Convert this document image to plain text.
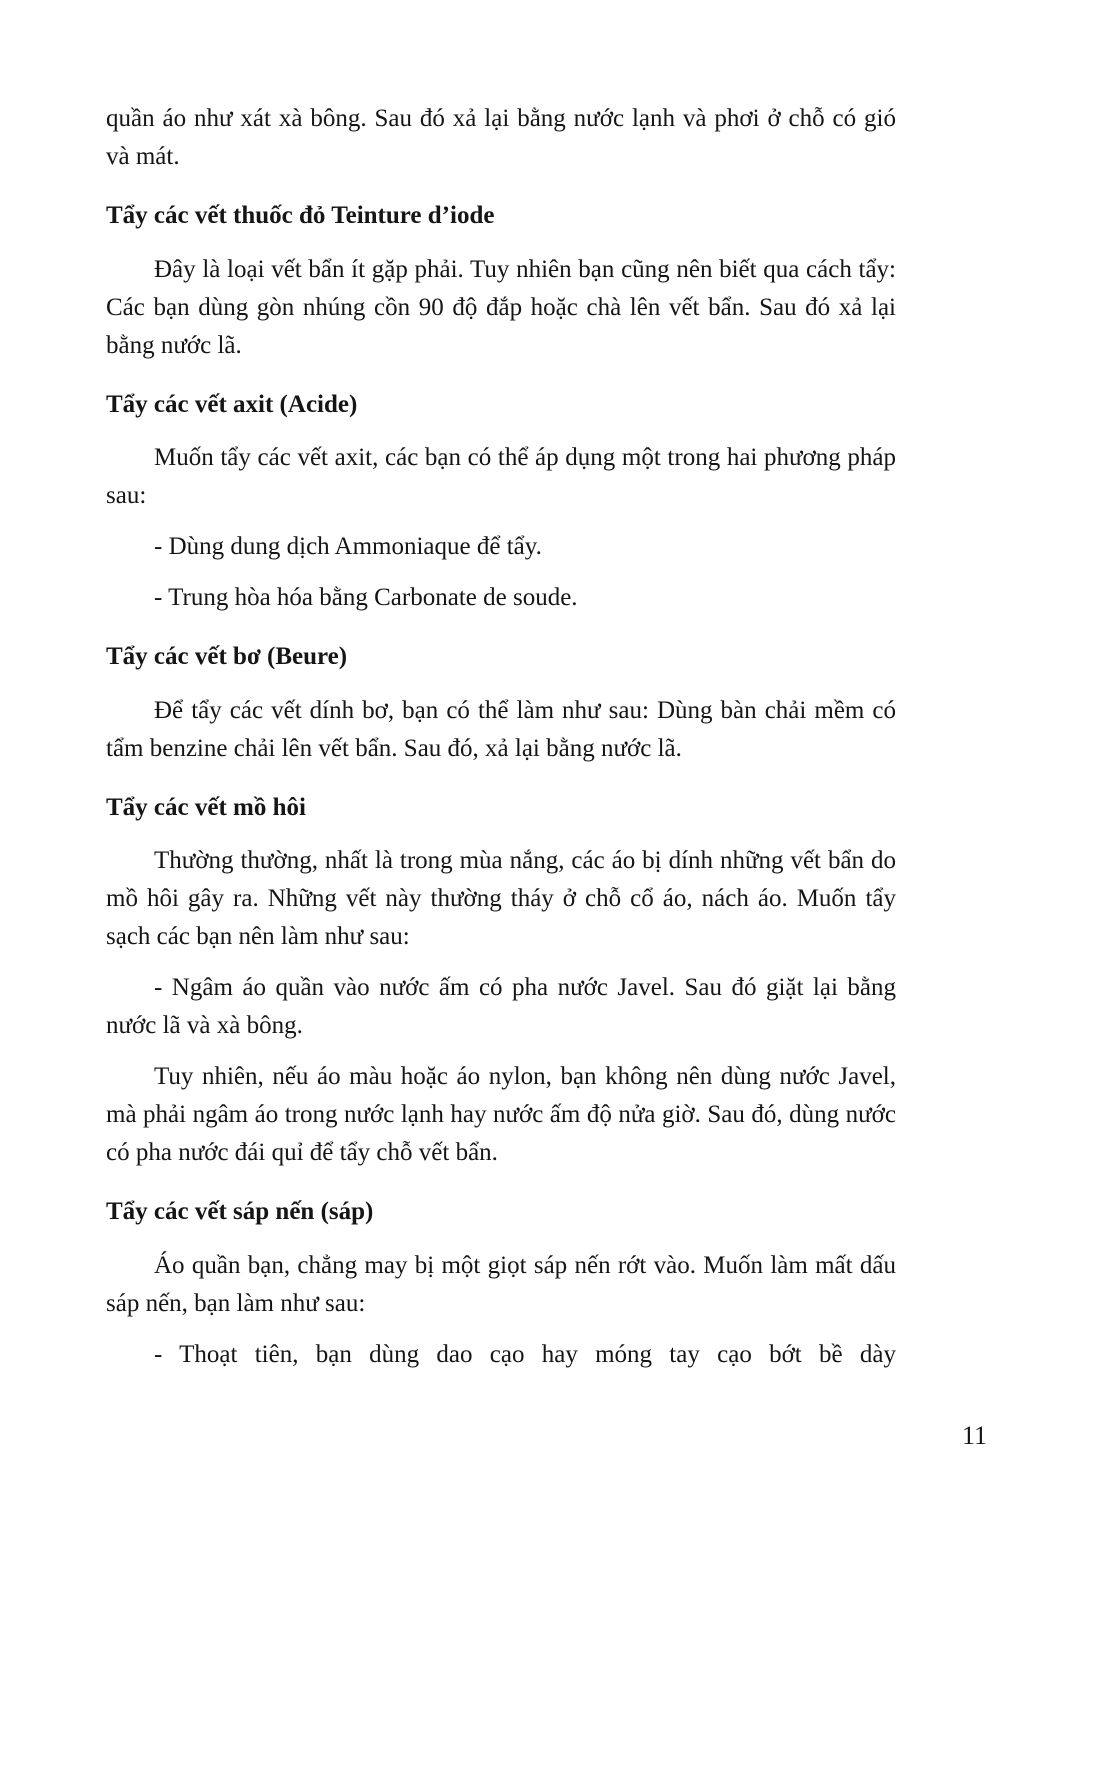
quần áo như xát xà bông. Sau đó xả lại bằng nước lạnh và phơi ở chỗ có gió và mát.

Tẩy các vết thuốc đỏ Teinture d’iode

Đây là loại vết bẩn ít gặp phải. Tuy nhiên bạn cũng nên biết qua cách tẩy: Các bạn dùng gòn nhúng cồn 90 độ đắp hoặc chà lên vết bẩn. Sau đó xả lại bằng nước lã.

Tẩy các vết axit (Acide)

Muốn tẩy các vết axit, các bạn có thể áp dụng một trong hai phương pháp sau:

- Dùng dung dịch Ammoniaque để tẩy.

- Trung hòa hóa bằng Carbonate de soude.

Tẩy các vết bơ (Beure)

Để tẩy các vết dính bơ, bạn có thể làm như sau: Dùng bàn chải mềm có tẩm benzine chải lên vết bẩn. Sau đó, xả lại bằng nước lã.

Tẩy các vết mồ hôi

Thường thường, nhất là trong mùa nắng, các áo bị dính những vết bẩn do mồ hôi gây ra. Những vết này thường tháy ở chỗ cổ áo, nách áo. Muốn tẩy sạch các bạn nên làm như sau:

- Ngâm áo quần vào nước ấm có pha nước Javel. Sau đó giặt lại bằng nước lã và xà bông.

Tuy nhiên, nếu áo màu hoặc áo nylon, bạn không nên dùng nước Javel, mà phải ngâm áo trong nước lạnh hay nước ấm độ nửa giờ. Sau đó, dùng nước có pha nước đái quỉ để tẩy chỗ vết bẩn.

Tẩy các vết sáp nến (sáp)

Áo quần bạn, chẳng may bị một giọt sáp nến rớt vào. Muốn làm mất dấu sáp nến, bạn làm như sau:

- Thoạt tiên, bạn dùng dao cạo hay móng tay cạo bớt bề dày

11
